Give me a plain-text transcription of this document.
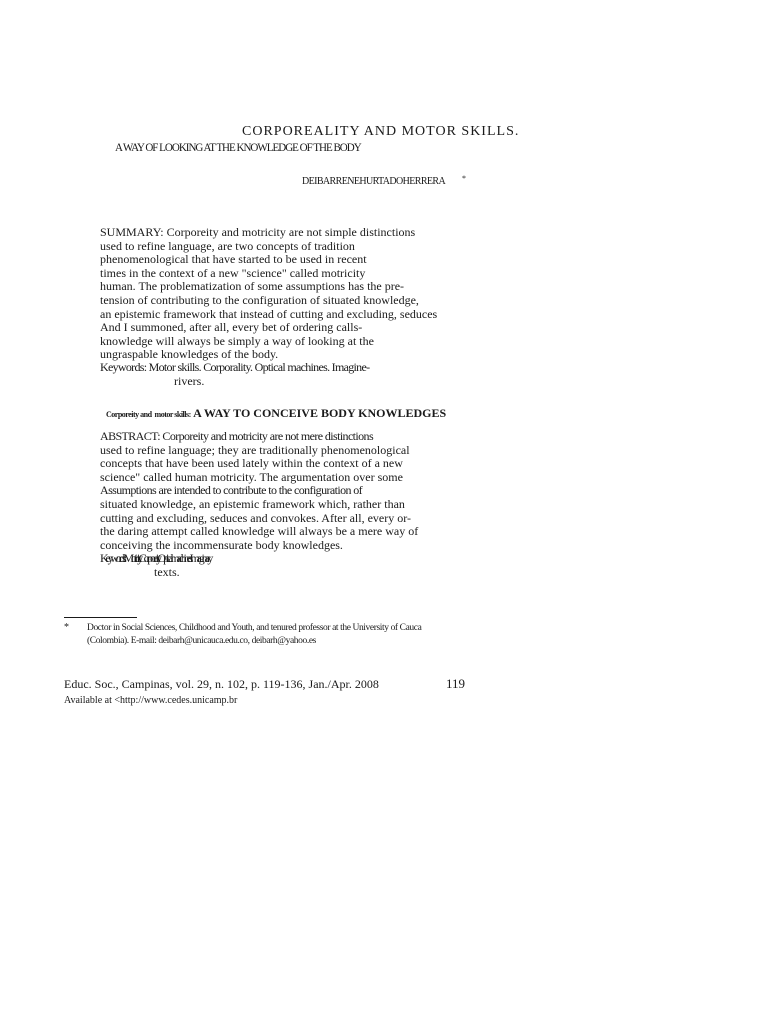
CORPOREALITY AND MOTOR SKILLS.
A WAY OF LOOKING AT THE KNOWLEDGE OF THE BODY
DEIBARRENEHURTADOHERRERA *
SUMMARY: Corporeity and motricity are not simple distinctions
used to refine language, are two concepts of tradition
phenomenological that have started to be used in recent
times in the context of a new "science" called motricity
human. The problematization of some assumptions has the pre-
tension of contributing to the configuration of situated knowledge,
an epistemic framework that instead of cutting and excluding, seduces
And I summoned, after all, every bet of ordering calls-
knowledge will always be simply a way of looking at the
ungraspable knowledges of the body.
Keywords: Motor skills. Corporality. Optical machines. Imagine-
rivers.
Corporeity and motor skills: A WAY TO CONCEIVE BODY KNOWLEDGES
ABSTRACT: Corporeity and motricity are not mere distinctions
used to refine language; they are traditionally phenomenological
concepts that have been used lately within the context of a new
science" called human motricity. The argumentation over some
Assumptions are intended to contribute to the configuration of
situated knowledge, an epistemic framework which, rather than
cutting and excluding, seduces and convokes. After all, every or-
the daring attempt called knowledge will always be a mere way of
conceiving the incommensurate body knowledges.
Key words: Motricity. Corporeity. Optical machines. Imaginary
texts.
* Doctor in Social Sciences, Childhood and Youth, and tenured professor at the University of Cauca
(Colombia). E-mail: deibarh@unicauca.edu.co, deibarh@yahoo.es
Educ. Soc., Campinas, vol. 29, n. 102, p. 119-136, Jan./Apr. 2008	119
Available at <http://www.cedes.unicamp.br
